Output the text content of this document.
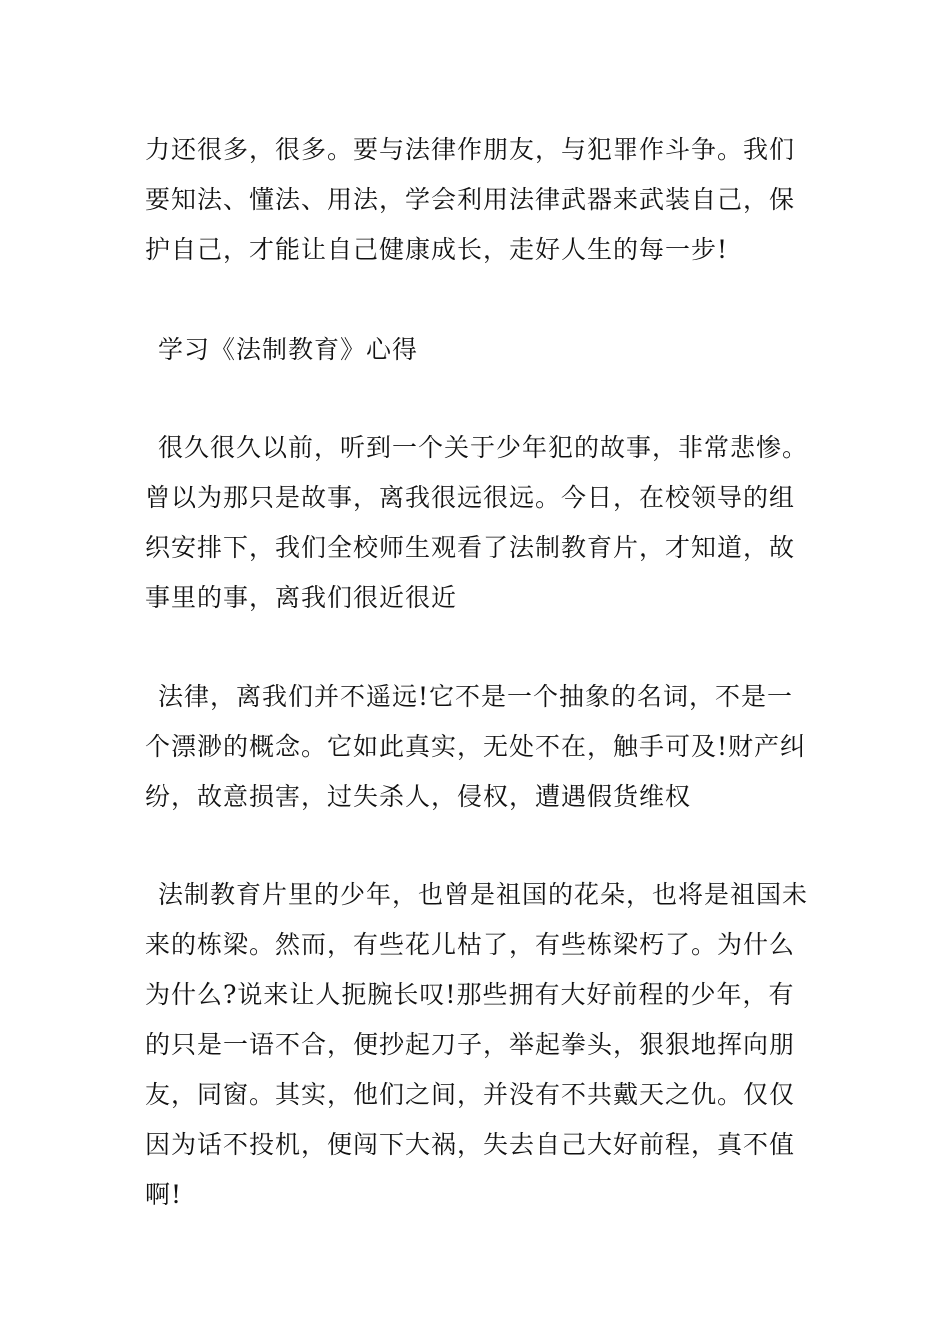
力还很多，很多。要与法律作朋友，与犯罪作斗争。我们
要知法、懂法、用法，学会利用法律武器来武装自己，保
护自己，才能让自己健康成长，走好人生的每一步!
学习《法制教育》心得
很久很久以前，听到一个关于少年犯的故事，非常悲惨。
曾以为那只是故事，离我很远很远。今日，在校领导的组
织安排下，我们全校师生观看了法制教育片，才知道，故
事里的事，离我们很近很近
法律，离我们并不遥远!它不是一个抽象的名词，不是一
个漂渺的概念。它如此真实，无处不在，触手可及!财产纠
纷，故意损害，过失杀人，侵权，遭遇假货维权
法制教育片里的少年，也曾是祖国的花朵，也将是祖国未
来的栋梁。然而，有些花儿枯了，有些栋梁朽了。为什么
为什么?说来让人扼腕长叹!那些拥有大好前程的少年，有
的只是一语不合，便抄起刀子，举起拳头，狠狠地挥向朋
友，同窗。其实，他们之间，并没有不共戴天之仇。仅仅
因为话不投机，便闯下大祸，失去自己大好前程，真不值
啊!
